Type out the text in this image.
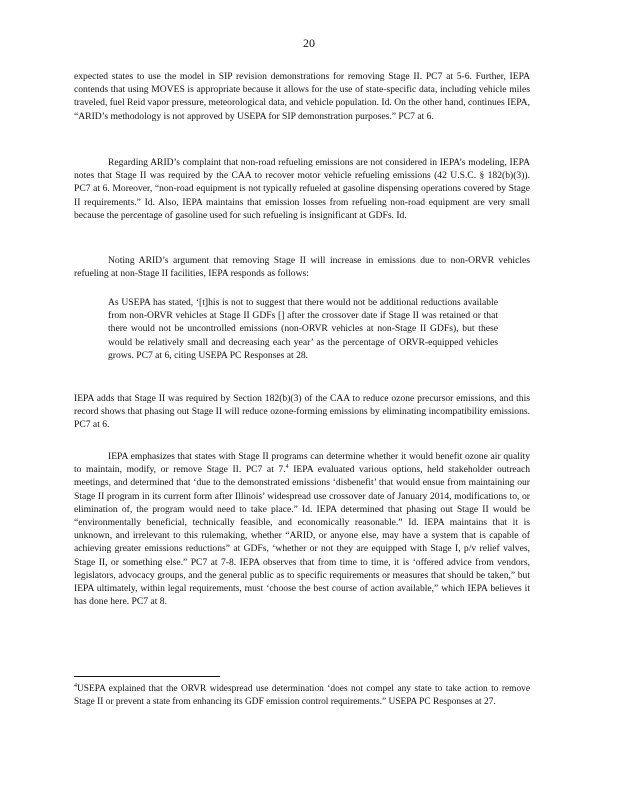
20

expected states to use the model in SIP revision demonstrations for removing Stage II. PC7 at 5-6. Further, IEPA contends that using MOVES is appropriate because it allows for the use of state-specific data, including vehicle miles traveled, fuel Reid vapor pressure, meteorological data, and vehicle population. Id. On the other hand, continues IEPA, “ARID’s methodology is not approved by USEPA for SIP demonstration purposes.” PC7 at 6.

Regarding ARID’s complaint that non-road refueling emissions are not considered in IEPA’s modeling, IEPA notes that Stage II was required by the CAA to recover motor vehicle refueling emissions (42 U.S.C. § 182(b)(3)). PC7 at 6. Moreover, “non-road equipment is not typically refueled at gasoline dispensing operations covered by Stage II requirements.” Id. Also, IEPA maintains that emission losses from refueling non-road equipment are very small because the percentage of gasoline used for such refueling is insignificant at GDFs. Id.

Noting ARID’s argument that removing Stage II will increase in emissions due to non-ORVR vehicles refueling at non-Stage II facilities, IEPA responds as follows:

As USEPA has stated, ‘[t]his is not to suggest that there would not be additional reductions available from non-ORVR vehicles at Stage II GDFs [] after the crossover date if Stage II was retained or that there would not be uncontrolled emissions (non-ORVR vehicles at non-Stage II GDFs), but these would be relatively small and decreasing each year’ as the percentage of ORVR-equipped vehicles grows. PC7 at 6, citing USEPA PC Responses at 28.

IEPA adds that Stage II was required by Section 182(b)(3) of the CAA to reduce ozone precursor emissions, and this record shows that phasing out Stage II will reduce ozone-forming emissions by eliminating incompatibility emissions. PC7 at 6.

IEPA emphasizes that states with Stage II programs can determine whether it would benefit ozone air quality to maintain, modify, or remove Stage II. PC7 at 7.$^4$ IEPA evaluated various options, held stakeholder outreach meetings, and determined that ‘due to the demonstrated emissions ‘disbenefit’ that would ensue from maintaining our Stage II program in its current form after Illinois’ widespread use crossover date of January 2014, modifications to, or elimination of, the program would need to take place.” Id. IEPA determined that phasing out Stage II would be “environmentally beneficial, technically feasible, and economically reasonable.” Id. IEPA maintains that it is unknown, and irrelevant to this rulemaking, whether “ARID, or anyone else, may have a system that is capable of achieving greater emissions reductions” at GDFs, ‘whether or not they are equipped with Stage I, p/v relief valves, Stage II, or something else.” PC7 at 7-8. IEPA observes that from time to time, it is ‘offered advice from vendors, legislators, advocacy groups, and the general public as to specific requirements or measures that should be taken,” but IEPA ultimately, within legal requirements, must ‘choose the best course of action available,” which IEPA believes it has done here. PC7 at 8.

$^4$USEPA explained that the ORVR widespread use determination ‘does not compel any state to take action to remove Stage II or prevent a state from enhancing its GDF emission control requirements.” USEPA PC Responses at 27.
